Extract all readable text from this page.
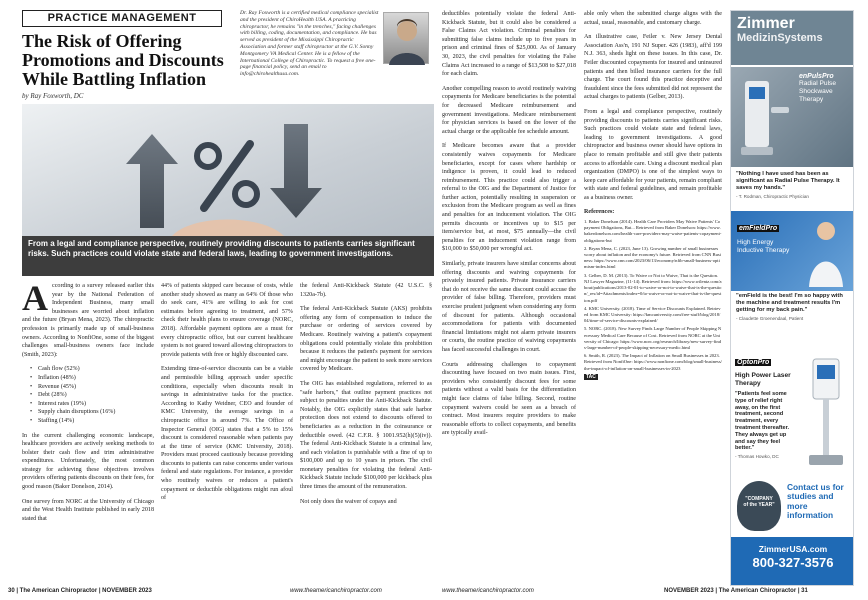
PRACTICE MANAGEMENT
The Risk of Offering Promotions and Discounts While Battling Inflation
by Ray Foxworth, DC
Dr. Ray Foxworth is a certified medical compliance specialist and the president of ChiroHealth USA. A practicing chiropractor, he remains "in the trenches," facing challenges with billing, coding, documentation, and compliance. He has served as president of the Mississippi Chiropractic Association and former staff chiropractor at the G.V. Sonny Montgomery VA Medical Center. He is a fellow of the International College of Chiropractic. To request a free one-page financial policy, send an email to info@chirohealthusa.com.
From a legal and compliance perspective, routinely providing discounts to patients carries significant risks. Such practices could violate state and federal laws, leading to government investigations.

According to a survey released earlier this year by the National Federation of Independent Business, many small businesses are worried about inflation and the future (Bryan Mena, 2023). The chiropractic profession is primarily made up of small-business owners. According to NonfiOne, some of the biggest challenges small-business owners face include (Smith, 2023):

• Cash flow (52%)
• Inflation (48%)
• Revenue (45%)
• Debt (28%)
• Interest rates (19%)
• Supply chain disruptions (16%)
• Staffing (14%)

In the current challenging economic landscape, healthcare providers are actively seeking methods to bolster their cash flow and trim administrative expenditures. Unfortunately, the most common strategy for achieving these objectives involves providers offering patients discounts on their fees, for good reason (Baker Donelson, 2014).

One survey from NORC at the University of Chicago and the West Health Institute published in early 2018 stated that

44% of patients skipped care because of costs, while another study showed as many as 64% Of those who do seek care, 41% are willing to ask for cost estimates before agreeing to treatment, and 57% check their health plans to ensure coverage (NORC, 2018). Affordable payment options are a must for every chiropractic office, but our current healthcare system is not geared toward allowing chiropractors to provide patients with free or highly discounted care.

Extending time-of-service discounts can be a viable and permissible billing approach under specific conditions, especially when discounts result in savings in administrative tasks for the practice. According to Kathy Weidner, CEO and founder of KMC University, the average savings in a chiropractic office is around 7%. The Office of Inspector General (OIG) states that a 5% to 15% discount is considered reasonable when patients pay at the time of service (KMC University, 2018). Providers must proceed cautiously because providing discounts to patients can raise concerns under various federal and state regulations. For instance, a provider who routinely waives or reduces a patient's copayment or deductible obligations might run afoul of

the federal Anti-Kickback Statute (42 U.S.C. § 1320a-7b).

The federal Anti-Kickback Statute (AKS) prohibits offering any form of compensation to induce the purchase or ordering of services covered by Medicare. Routinely waiving a patient's copayment obligations could potentially violate this prohibition because it reduces the patient's payment for services and might encourage the patient to seek more services covered by Medicare.

The OIG has established regulations, referred to as "safe harbors," that outline payment practices not subject to penalties under the Anti-Kickback Statute. Notably, the OIG explicitly states that safe harbor protection does not extend to discounts offered to beneficiaries as a reduction in the coinsurance or deductible owed. (42 C.F.R. § 1001.952(h)(5)(iv)). The federal Anti-Kickback Statute is a criminal law, and each violation is punishable with a fine of up to $100,000 and up to 10 years in prison. The civil monetary penalties for violating the federal Anti-Kickback Statute include $100,000 per kickback plus three times the amount of the remuneration.

Not only does the waiver of copays and

30 | The American Chiropractor | NOVEMBER 2023	www.theamericanchiropractor.com

deductibles potentially violate the federal Anti-Kickback Statute, but it could also be considered a False Claims Act violation. Criminal penalties for submitting false claims include up to five years in prison and criminal fines of $25,000. As of January 30, 2023, the civil penalties for violating the False Claims Act increased to a range of $13,508 to $27,018 for each claim.

Another compelling reason to avoid routinely waiving copayments for Medicare beneficiaries is the potential for decreased Medicare reimbursement and government investigations. Medicare reimbursement for physician services is based on the lower of the actual charge or the applicable fee schedule amount.

If Medicare becomes aware that a provider consistently waives copayments for Medicare beneficiaries, except for cases where hardship or indigence is proven, it could lead to reduced reimbursement. This practice could also trigger a referral to the OIG and the Department of Justice for further action, potentially resulting in suspension or exclusion from the Medicare program as well as fines and penalties for an inducement violation. The OIG permits discounts or incentives up to $15 per item/service but, at most, $75 annually—the civil penalties for an inducement violation range from $10,000 to $50,000 per wrongful act.

Similarly, private insurers have similar concerns about offering discounts and waiving copayments for privately insured patients. Private insurance carriers that do not receive the same discount could accuse the provider of false billing. Therefore, providers must exercise prudent judgment when considering any form of discount for patients. Although occasional accommodations for patients with documented financial limitations might not alarm private insurers or courts, the routine practice of waiving copayments has faced successful challenges in court.

Courts addressing challenges to copayment discounting have focused on two main issues. First, providers who consistently discount fees for some patients without a valid basis for the differentiation might face claims of false billing. Second, routine copayment waivers could be seen as a breach of contract. Most insurers require providers to make reasonable efforts to collect copayments, and benefits are typically avail-

able only when the submitted charge aligns with the actual, usual, reasonable, and customary charge.

An illustrative case, Feiler v. New Jersey Dental Association Ass'n, 191 NJ Super. 426 (1983), aff'd 199 N.J. 363, sheds light on these issues. In this case, Dr. Feiler discounted copayments for insured and uninsured patients and then billed insurance carriers for the full charge. The court found this practice deceptive and fraudulent since the fees submitted did not represent the actual charges to patients (Gelber, 2013).

From a legal and compliance perspective, routinely providing discounts to patients carries significant risks. Such practices could violate state and federal laws, leading to government investigations. A good chiropractor and business owner should have options in place to remain profitable and still give their patients access to affordable care. Using a discount medical plan organization (DMPO) is one of the simplest ways to keep care affordable for your patients, remain compliant with state and federal guidelines, and remain profitable as a business owner.

References:

1. Baker Donelson (2014). Health Care Providers May Waive Patients' Copayment Obligations, But... Retrieved from Baker Donelson: https://www.bakerdonelson.com/health-care-providers-may-waive-patients-copayment-obligations-but
2. Bryan Mena, C. (2023, June 13). Growing number of small businesses worry about inflation and the economy's future. Retrieved from CNN Business: https://www.cnn.com/2023/06/13/economy/nfib-small-business-optimism-index.html
3. Gelber, D. M. (2013). To Waive or Not to Waive, That is the Question. NJ Lawyer Magazine, (11-14). Retrieved from: https://www.wilentz.com/about/publications/2013-02-01-to-waive-or-not-to-waive-that-is-the-question/_res/id=Attachments/index=0/to-waive-or-not-to-waive-that-is-the-question.pdf
4. KMC University. (2018). Time of Service Discounts Explained. Retrieved from KMC University: https://kmcuniversity.com/free-stuff/blog/2018/04/time-of-service-discounts-explained/
5. NORC. (2018). New Survey Finds Large Number of People Skipping Necessary Medical Care Because of Cost. Retrieved from NORC at the University of Chicago: https://www.norc.org/research/library/new-survey-finds-large-number-of-people-skipping-necessary-medic.html
6. Smith, R. (2023). The Impact of Inflation on Small Businesses in 2023. Retrieved from NonfiOne: https://www.nonfione.com/blog/small-business/the-impact-of-inflation-on-small-businesses-in-2023
TAC
www.theamericanchiropractor.com	NOVEMBER 2023 | The American Chiropractor | 31
Zimmer
MedizinSystems
enPulsPro
Radial Pulse Shockwave Therapy
"Nothing I have used has been as significant as Radial Pulse Therapy. It saves my hands."
- T. Rodman, Chiropractic Physician
emFieldPro
High Energy Inductive Therapy
"emField is the best! I'm so happy with the machine and treatment results I'm getting for my back pain."
- Claudette Groenendaal, Patient
OptonPro
High Power Laser Therapy
"Patients feel some type of relief right away, on the first treatment, second treatment, every treatment thereafter. They always get up and say they feel better."
- Thomas Howko, DC
"COMPANY
of the YEAR"
Contact us for studies and more information
ZimmerUSA.com
800-327-3576
